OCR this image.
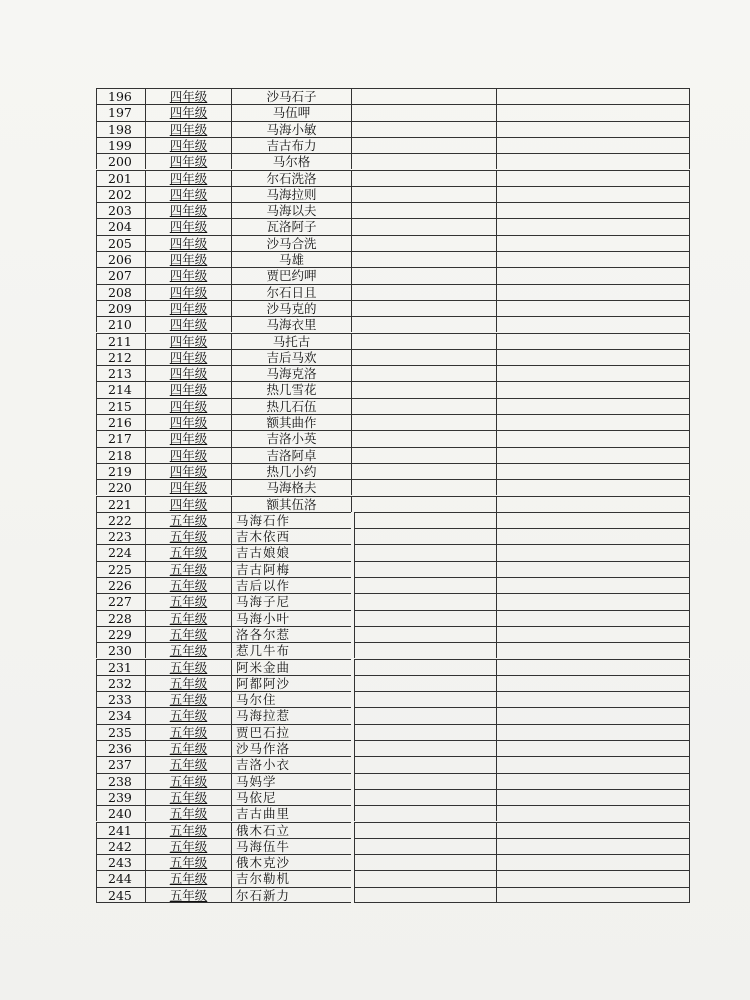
196	四年级	沙马石子
197	四年级	马伍呷
198	四年级	马海小敏
199	四年级	吉古布力
200	四年级	马尔格
201	四年级	尔石洗洛
202	四年级	马海拉则
203	四年级	马海以夫
204	四年级	瓦洛阿子
205	四年级	沙马合洗
206	四年级	马雄
207	四年级	贾巴约呷
208	四年级	尔石日且
209	四年级	沙马克的
210	四年级	马海衣里
211	四年级	马托古
212	四年级	吉后马欢
213	四年级	马海克洛
214	四年级	热几雪花
215	四年级	热几石伍
216	四年级	额其曲作
217	四年级	吉洛小英
218	四年级	吉洛阿卓
219	四年级	热几小约
220	四年级	马海格夫
221	四年级	额其伍洛
222	五年级	马海石作
223	五年级	吉木依西
224	五年级	吉古娘娘
225	五年级	吉古阿梅
226	五年级	吉后以作
227	五年级	马海子尼
228	五年级	马海小叶
229	五年级	洛各尔惹
230	五年级	惹几牛布
231	五年级	阿米金曲
232	五年级	阿都阿沙
233	五年级	马尔住
234	五年级	马海拉惹
235	五年级	贾巴石拉
236	五年级	沙马作洛
237	五年级	吉洛小衣
238	五年级	马妈学
239	五年级	马依尼
240	五年级	吉古曲里
241	五年级	俄木石立
242	五年级	马海伍牛
243	五年级	俄木克沙
244	五年级	吉尔勒机
245	五年级	尔石新力
